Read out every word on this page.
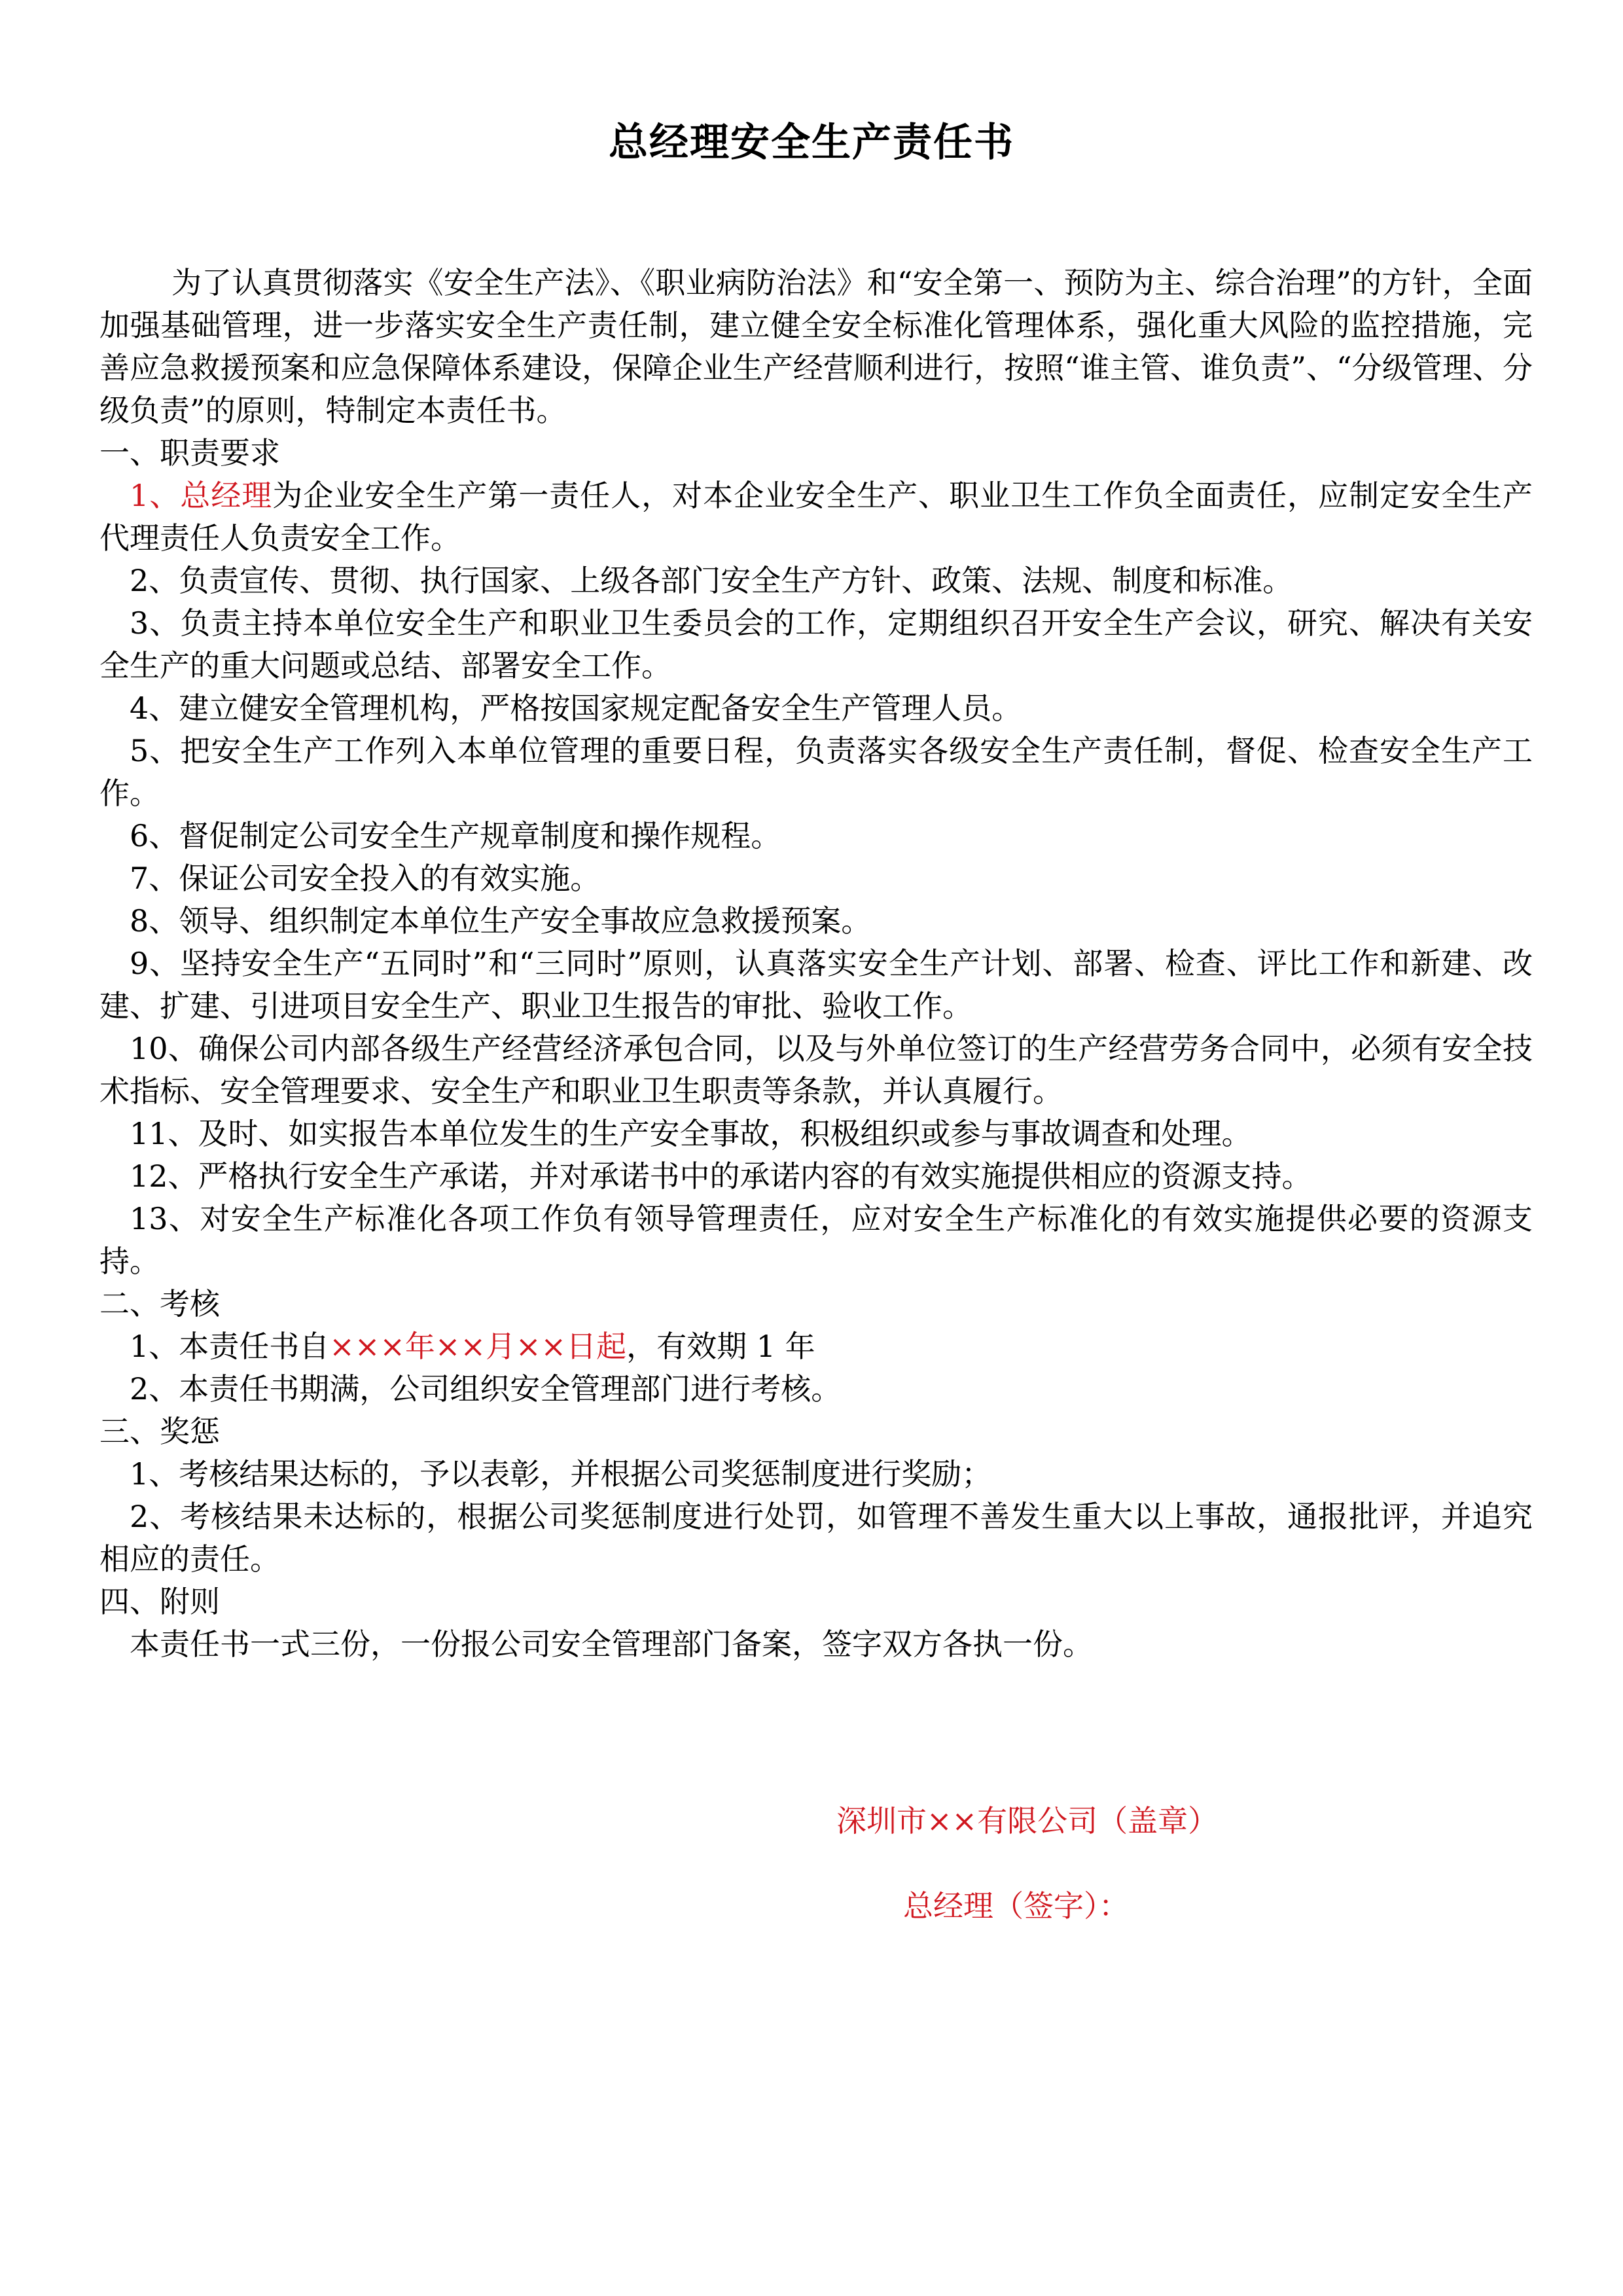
总经理安全生产责任书

为了认真贯彻落实《安全生产法》、《职业病防治法》和“安全第一、预防为主、综合治理”的方针，全面加强基础管理，进一步落实安全生产责任制，建立健全安全标准化管理体系，强化重大风险的监控措施，完善应急救援预案和应急保障体系建设，保障企业生产经营顺利进行，按照“谁主管、谁负责”、“分级管理、分级负责”的原则，特制定本责任书。

一、职责要求

1、总经理为企业安全生产第一责任人，对本企业安全生产、职业卫生工作负全面责任，应制定安全生产代理责任人负责安全工作。

2、负责宣传、贯彻、执行国家、上级各部门安全生产方针、政策、法规、制度和标准。

3、负责主持本单位安全生产和职业卫生委员会的工作，定期组织召开安全生产会议，研究、解决有关安全生产的重大问题或总结、部署安全工作。

4、建立健安全管理机构，严格按国家规定配备安全生产管理人员。

5、把安全生产工作列入本单位管理的重要日程，负责落实各级安全生产责任制，督促、检查安全生产工作。

6、督促制定公司安全生产规章制度和操作规程。

7、保证公司安全投入的有效实施。

8、领导、组织制定本单位生产安全事故应急救援预案。

9、坚持安全生产“五同时”和“三同时”原则，认真落实安全生产计划、部署、检查、评比工作和新建、改建、扩建、引进项目安全生产、职业卫生报告的审批、验收工作。

10、确保公司内部各级生产经营经济承包合同，以及与外单位签订的生产经营劳务合同中，必须有安全技术指标、安全管理要求、安全生产和职业卫生职责等条款，并认真履行。

11、及时、如实报告本单位发生的生产安全事故，积极组织或参与事故调查和处理。

12、严格执行安全生产承诺，并对承诺书中的承诺内容的有效实施提供相应的资源支持。

13、对安全生产标准化各项工作负有领导管理责任，应对安全生产标准化的有效实施提供必要的资源支持。

二、考核

1、本责任书自×××年××月××日起，有效期 1 年

2、本责任书期满，公司组织安全管理部门进行考核。

三、奖惩

1、考核结果达标的，予以表彰，并根据公司奖惩制度进行奖励；

2、考核结果未达标的，根据公司奖惩制度进行处罚，如管理不善发生重大以上事故，通报批评，并追究相应的责任。

四、附则

本责任书一式三份，一份报公司安全管理部门备案，签字双方各执一份。

深圳市××有限公司（盖章）
总经理（签字）：
